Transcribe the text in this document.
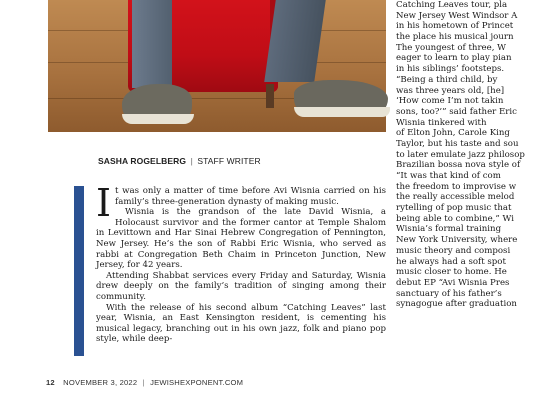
SASHA ROGELBERG | STAFF WRITER

It was only a matter of time before Avi Wisnia carried on his family’s three-generation dynasty of making music.

Wisnia is the grandson of the late David Wisnia, a Holocaust survivor and the former cantor at Temple Shalom in Levittown and Har Sinai Hebrew Congregation of Pennington, New Jersey. He’s the son of Rabbi Eric Wisnia, who served as rabbi at Congregation Beth Chaim in Princeton Junction, New Jersey, for 42 years.

Attending Shabbat services every Friday and Saturday, Wisnia drew deeply on the family’s tradition of singing among their community.

With the release of his second album “Catching Leaves” last year, Wisnia, an East Kensington resident, is cementing his musical legacy, branching out in his own jazz, folk and piano pop style, while deep-

Catching Leaves tour, pla
New Jersey West Windsor A
in his hometown of Princet
the place his musical journ
The youngest of three, W
eager to learn to play pian
in his siblings’ footsteps.
“Being a third child, by
was three years old, [he]
‘How come I’m not takin
sons, too?’” said father Eric
Wisnia tinkered with
of Elton John, Carole King
Taylor, but his taste and sou
to later emulate jazz philosop
Brazilian bossa nova style of
“It was that kind of com
the freedom to improvise w
the really accessible melod
rytelling of pop music that
being able to combine,” Wi
Wisnia’s formal training
New York University, where
music theory and composi
he always had a soft spot
music closer to home. He
debut EP “Avi Wisnia Pres
sanctuary of his father’s
synagogue after graduation
12 NOVEMBER 3, 2022 | JEWISHEXPONENT.COM
